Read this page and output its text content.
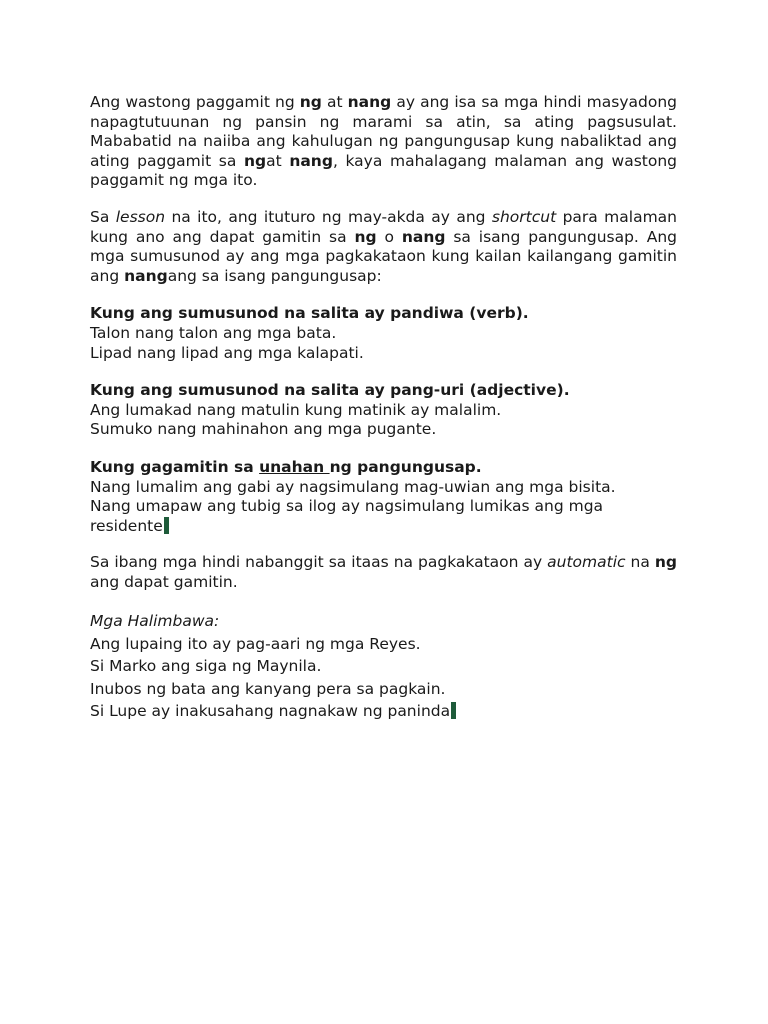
Ang wastong paggamit ng ng at nang ay ang isa sa mga hindi masyadong napagtutuunan ng pansin ng marami sa atin, sa ating pagsusulat. Mababatid na naiiba ang kahulugan ng pangungusap kung nabaliktad ang ating paggamit sa ngat nang, kaya mahalagang malaman ang wastong paggamit ng mga ito.

Sa lesson na ito, ang ituturo ng may-akda ay ang shortcut para malaman kung ano ang dapat gamitin sa ng o nang sa isang pangungusap. Ang mga sumusunod ay ang mga pagkakataon kung kailan kailangang gamitin ang nangang sa isang pangungusap:

Kung ang sumusunod na salita ay pandiwa (verb).

Talon nang talon ang mga bata.

Lipad nang lipad ang mga kalapati.

Kung ang sumusunod na salita ay pang-uri (adjective).

Ang lumakad nang matulin kung matinik ay malalim.

Sumuko nang mahinahon ang mga pugante.

Kung gagamitin sa unahan ng pangungusap.

Nang lumalim ang gabi ay nagsimulang mag-uwian ang mga bisita.

Nang umapaw ang tubig sa ilog ay nagsimulang lumikas ang mga residente

Sa ibang mga hindi nabanggit sa itaas na pagkakataon ay automatic na ng ang dapat gamitin.

Mga Halimbawa:

Ang lupaing ito ay pag-aari ng mga Reyes.

Si Marko ang siga ng Maynila.

Inubos ng bata ang kanyang pera sa pagkain.

Si Lupe ay inakusahang nagnakaw ng paninda
